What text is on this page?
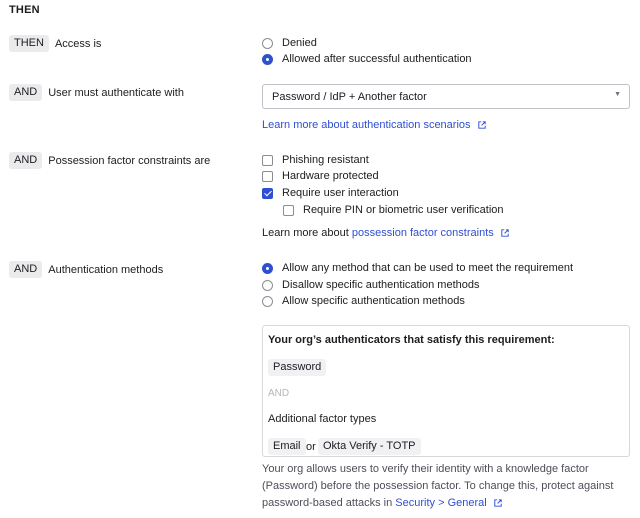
THEN
THEN	Access is	Denied
Allowed after successful authentication
AND	User must authenticate with	Password / IdP + Another factor	▼
Learn more about authentication scenarios
AND	Possession factor constraints are	Phishing resistant
Hardware protected
Require user interaction
Require PIN or biometric user verification
Learn more about possession factor constraints
AND	Authentication methods	Allow any method that can be used to meet the requirement
Disallow specific authentication methods
Allow specific authentication methods
Your org’s authenticators that satisfy this requirement:
Password
AND
Additional factor types
Email or Okta Verify - TOTP
Your org allows users to verify their identity with a knowledge factor (Password) before the possession factor. To change this, protect against password-based attacks in Security > General
